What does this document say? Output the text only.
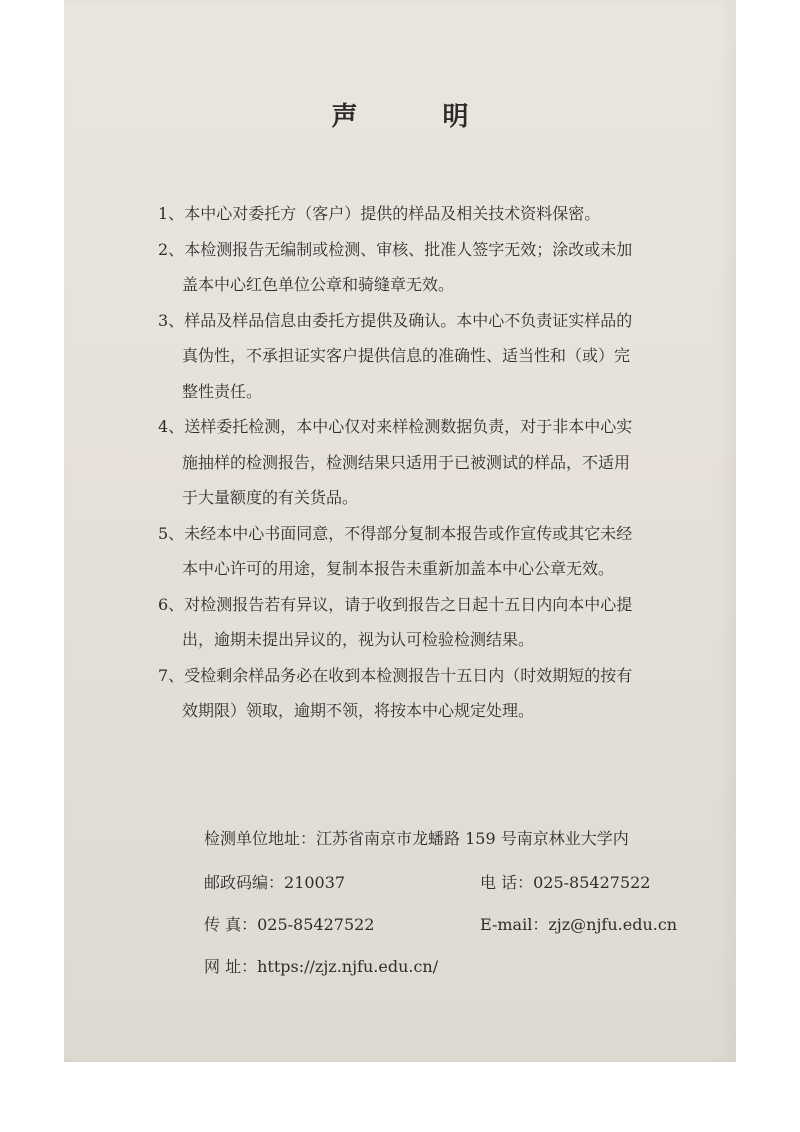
声 明
1、本中心对委托方（客户）提供的样品及相关技术资料保密。
2、本检测报告无编制或检测、审核、批准人签字无效；涂改或未加
盖本中心红色单位公章和骑缝章无效。
3、样品及样品信息由委托方提供及确认。本中心不负责证实样品的
真伪性，不承担证实客户提供信息的准确性、适当性和（或）完
整性责任。
4、送样委托检测，本中心仅对来样检测数据负责，对于非本中心实
施抽样的检测报告，检测结果只适用于已被测试的样品，不适用
于大量额度的有关货品。
5、未经本中心书面同意，不得部分复制本报告或作宣传或其它未经
本中心许可的用途，复制本报告未重新加盖本中心公章无效。
6、对检测报告若有异议，请于收到报告之日起十五日内向本中心提
出，逾期未提出异议的，视为认可检验检测结果。
7、受检剩余样品务必在收到本检测报告十五日内（时效期短的按有
效期限）领取，逾期不领，将按本中心规定处理。
检测单位地址：江苏省南京市龙蟠路 159 号南京林业大学内
邮政码编：210037	电 话：025-85427522
传 真：025-85427522	E-mail：zjz@njfu.edu.cn
网 址：https://zjz.njfu.edu.cn/
